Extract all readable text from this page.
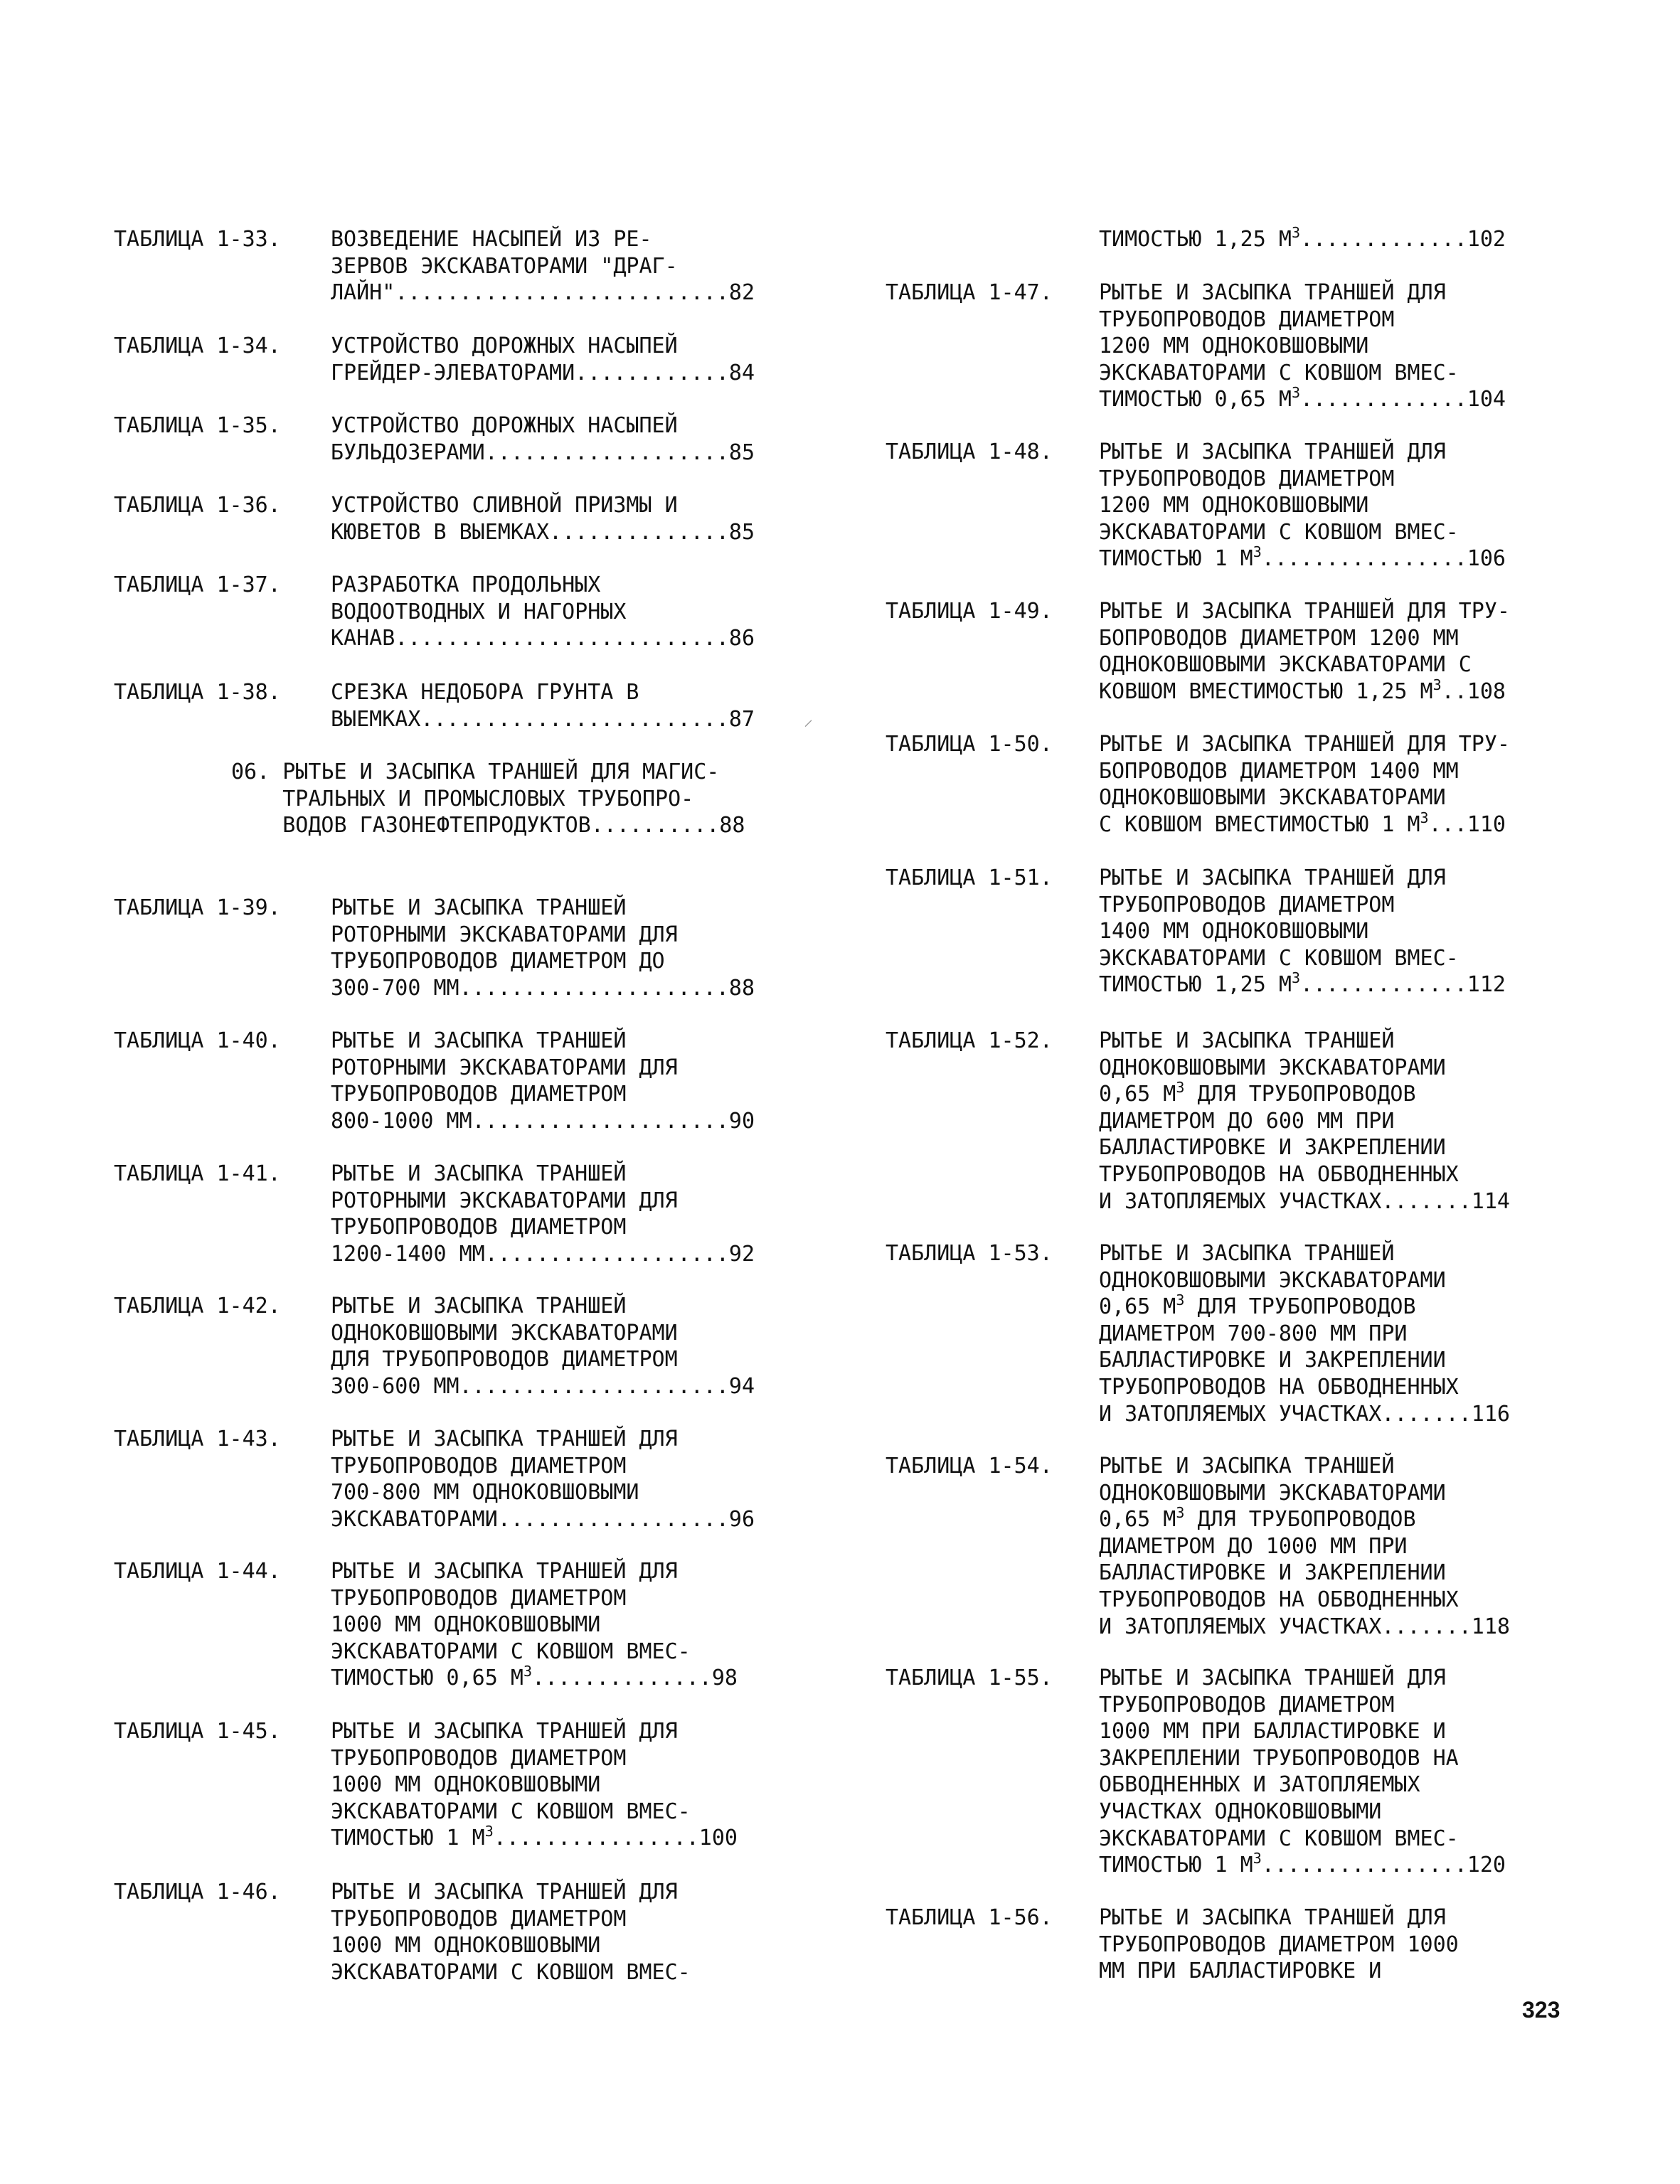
ТАБЛИЦА 1-33. ВОЗВЕДЕНИЕ НАСЫПЕЙ ИЗ РЕ-
ЗЕРВОВ ЭКСКАВАТОРАМИ "ДРАГ-
ЛАЙН"..........................82
ТАБЛИЦА 1-34. УСТРОЙСТВО ДОРОЖНЫХ НАСЫПЕЙ
ГРЕЙДЕР-ЭЛЕВАТОРАМИ............84
ТАБЛИЦА 1-35. УСТРОЙСТВО ДОРОЖНЫХ НАСЫПЕЙ
БУЛЬДОЗЕРАМИ...................85
ТАБЛИЦА 1-36. УСТРОЙСТВО СЛИВНОЙ ПРИЗМЫ И
КЮВЕТОВ В ВЫЕМКАХ..............85
ТАБЛИЦА 1-37. РАЗРАБОТКА ПРОДОЛЬНЫХ
ВОДООТВОДНЫХ И НАГОРНЫХ
КАНАВ..........................86
ТАБЛИЦА 1-38. СРЕЗКА НЕДОБОРА ГРУНТА В
ВЫЕМКАХ........................87
ТАБЛИЦА 1-39. РЫТЬЕ И ЗАСЫПКА ТРАНШЕЙ
РОТОРНЫМИ ЭКСКАВАТОРАМИ ДЛЯ
ТРУБОПРОВОДОВ ДИАМЕТРОМ ДО
300-700 ММ.....................88
ТАБЛИЦА 1-40. РЫТЬЕ И ЗАСЫПКА ТРАНШЕЙ
РОТОРНЫМИ ЭКСКАВАТОРАМИ ДЛЯ
ТРУБОПРОВОДОВ ДИАМЕТРОМ
800-1000 ММ....................90
ТАБЛИЦА 1-41. РЫТЬЕ И ЗАСЫПКА ТРАНШЕЙ
РОТОРНЫМИ ЭКСКАВАТОРАМИ ДЛЯ
ТРУБОПРОВОДОВ ДИАМЕТРОМ
1200-1400 ММ...................92
ТАБЛИЦА 1-42. РЫТЬЕ И ЗАСЫПКА ТРАНШЕЙ
ОДНОКОВШОВЫМИ ЭКСКАВАТОРАМИ
ДЛЯ ТРУБОПРОВОДОВ ДИАМЕТРОМ
300-600 ММ.....................94
ТАБЛИЦА 1-43. РЫТЬЕ И ЗАСЫПКА ТРАНШЕЙ ДЛЯ
ТРУБОПРОВОДОВ ДИАМЕТРОМ
700-800 ММ ОДНОКОВШОВЫМИ
ЭКСКАВАТОРАМИ..................96
ТАБЛИЦА 1-44. РЫТЬЕ И ЗАСЫПКА ТРАНШЕЙ ДЛЯ
ТРУБОПРОВОДОВ ДИАМЕТРОМ
1000 ММ ОДНОКОВШОВЫМИ
ЭКСКАВАТОРАМИ С КОВШОМ ВМЕС-
ТИМОСТЬЮ 0,65 $М^3..............98$
ТАБЛИЦА 1-45. РЫТЬЕ И ЗАСЫПКА ТРАНШЕЙ ДЛЯ
ТРУБОПРОВОДОВ ДИАМЕТРОМ
1000 ММ ОДНОКОВШОВЫМИ
ЭКСКАВАТОРАМИ С КОВШОМ ВМЕС-
ТИМОСТЬЮ 1 $М^3................100$
ТАБЛИЦА 1-46. РЫТЬЕ И ЗАСЫПКА ТРАНШЕЙ ДЛЯ
ТРУБОПРОВОДОВ ДИАМЕТРОМ
1000 ММ ОДНОКОВШОВЫМИ
ЭКСКАВАТОРАМИ С КОВШОМ ВМЕС-
06. РЫТЬЕ И ЗАСЫПКА ТРАНШЕЙ ДЛЯ МАГИС-
ТРАЛЬНЫХ И ПРОМЫСЛОВЫХ ТРУБОПРО-
ВОДОВ ГАЗОНЕФТЕПРОДУКТОВ..........88
ТИМОСТЬЮ 1,25 $М^3.............102$
ТАБЛИЦА 1-47. РЫТЬЕ И ЗАСЫПКА ТРАНШЕЙ ДЛЯ
ТРУБОПРОВОДОВ ДИАМЕТРОМ
1200 ММ ОДНОКОВШОВЫМИ
ЭКСКАВАТОРАМИ С КОВШОМ ВМЕС-
ТИМОСТЬЮ 0,65 $М^3.............104$
ТАБЛИЦА 1-48. РЫТЬЕ И ЗАСЫПКА ТРАНШЕЙ ДЛЯ
ТРУБОПРОВОДОВ ДИАМЕТРОМ
1200 ММ ОДНОКОВШОВЫМИ
ЭКСКАВАТОРАМИ С КОВШОМ ВМЕС-
ТИМОСТЬЮ 1 $М^3................106$
ТАБЛИЦА 1-49. РЫТЬЕ И ЗАСЫПКА ТРАНШЕЙ ДЛЯ ТРУ-
БОПРОВОДОВ ДИАМЕТРОМ 1200 ММ
ОДНОКОВШОВЫМИ ЭКСКАВАТОРАМИ С
КОВШОМ ВМЕСТИМОСТЬЮ 1,25 $М^3..108$
ТАБЛИЦА 1-50. РЫТЬЕ И ЗАСЫПКА ТРАНШЕЙ ДЛЯ ТРУ-
БОПРОВОДОВ ДИАМЕТРОМ 1400 ММ
ОДНОКОВШОВЫМИ ЭКСКАВАТОРАМИ
С КОВШОМ ВМЕСТИМОСТЬЮ 1 $М^3...110$
ТАБЛИЦА 1-51. РЫТЬЕ И ЗАСЫПКА ТРАНШЕЙ ДЛЯ
ТРУБОПРОВОДОВ ДИАМЕТРОМ
1400 ММ ОДНОКОВШОВЫМИ
ЭКСКАВАТОРАМИ С КОВШОМ ВМЕС-
ТИМОСТЬЮ 1,25 $М^3.............112$
ТАБЛИЦА 1-52. РЫТЬЕ И ЗАСЫПКА ТРАНШЕЙ
ОДНОКОВШОВЫМИ ЭКСКАВАТОРАМИ
0,65 $М^3$ ДЛЯ ТРУБОПРОВОДОВ
ДИАМЕТРОМ ДО 600 ММ ПРИ
БАЛЛАСТИРОВКЕ И ЗАКРЕПЛЕНИИ
ТРУБОПРОВОДОВ НА ОБВОДНЕННЫХ
И ЗАТОПЛЯЕМЫХ УЧАСТКАХ.......114
ТАБЛИЦА 1-53. РЫТЬЕ И ЗАСЫПКА ТРАНШЕЙ
ОДНОКОВШОВЫМИ ЭКСКАВАТОРАМИ
0,65 $М^3$ ДЛЯ ТРУБОПРОВОДОВ
ДИАМЕТРОМ 700-800 ММ ПРИ
БАЛЛАСТИРОВКЕ И ЗАКРЕПЛЕНИИ
ТРУБОПРОВОДОВ НА ОБВОДНЕННЫХ
И ЗАТОПЛЯЕМЫХ УЧАСТКАХ.......116
ТАБЛИЦА 1-54. РЫТЬЕ И ЗАСЫПКА ТРАНШЕЙ
ОДНОКОВШОВЫМИ ЭКСКАВАТОРАМИ
0,65 $М^3$ ДЛЯ ТРУБОПРОВОДОВ
ДИАМЕТРОМ ДО 1000 ММ ПРИ
БАЛЛАСТИРОВКЕ И ЗАКРЕПЛЕНИИ
ТРУБОПРОВОДОВ НА ОБВОДНЕННЫХ
И ЗАТОПЛЯЕМЫХ УЧАСТКАХ.......118
ТАБЛИЦА 1-55. РЫТЬЕ И ЗАСЫПКА ТРАНШЕЙ ДЛЯ
ТРУБОПРОВОДОВ ДИАМЕТРОМ
1000 ММ ПРИ БАЛЛАСТИРОВКЕ И
ЗАКРЕПЛЕНИИ ТРУБОПРОВОДОВ НА
ОБВОДНЕННЫХ И ЗАТОПЛЯЕМЫХ
УЧАСТКАХ ОДНОКОВШОВЫМИ
ЭКСКАВАТОРАМИ С КОВШОМ ВМЕС-
ТИМОСТЬЮ 1 $М^3................120$
ТАБЛИЦА 1-56. РЫТЬЕ И ЗАСЫПКА ТРАНШЕЙ ДЛЯ
ТРУБОПРОВОДОВ ДИАМЕТРОМ 1000
ММ ПРИ БАЛЛАСТИРОВКЕ И
323
⸝
